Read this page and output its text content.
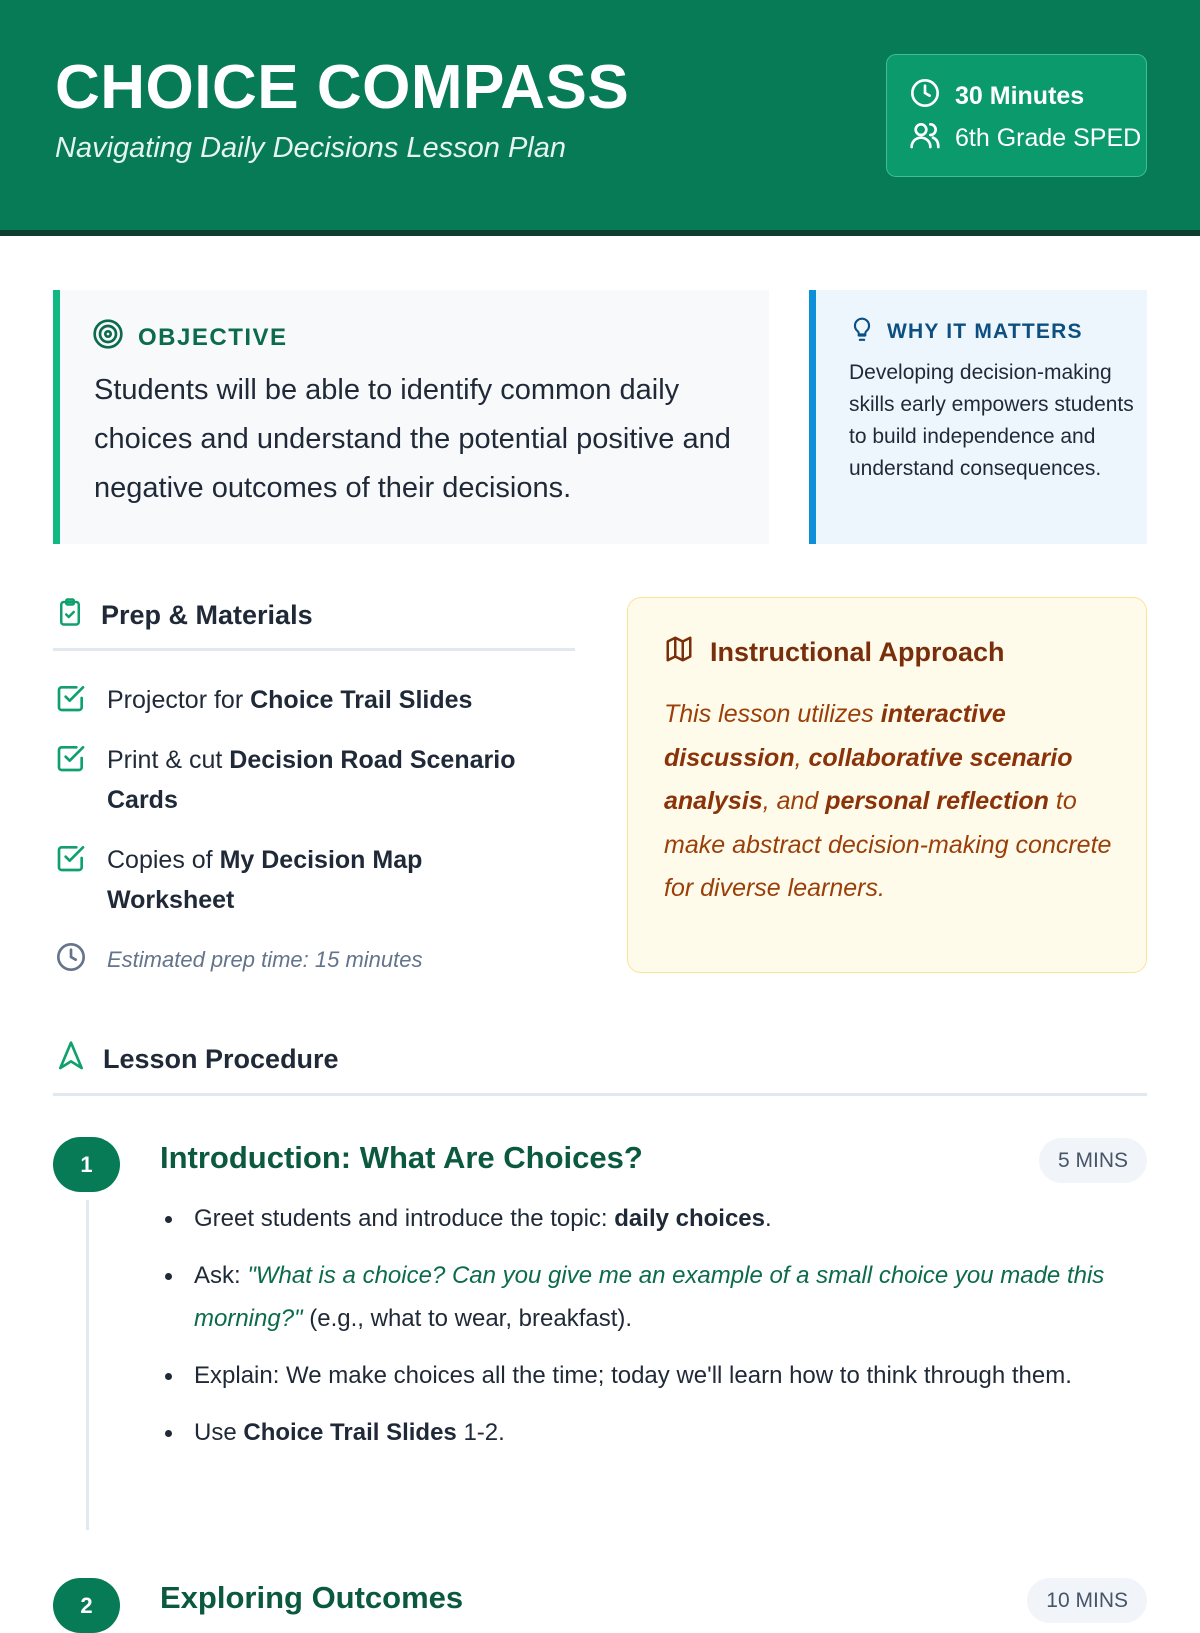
CHOICE COMPASS
Navigating Daily Decisions Lesson Plan
30 Minutes
6th Grade SPED
OBJECTIVE
Students will be able to identify common daily choices and understand the potential positive and negative outcomes of their decisions.
WHY IT MATTERS
Developing decision-making skills early empowers students to build independence and understand consequences.
Prep & Materials
Projector for Choice Trail Slides
Print & cut Decision Road Scenario Cards
Copies of My Decision Map Worksheet
Estimated prep time: 15 minutes
Instructional Approach
This lesson utilizes interactive discussion, collaborative scenario analysis, and personal reflection to make abstract decision-making concrete for diverse learners.
Lesson Procedure
1	Introduction: What Are Choices?	5 MINS
Greet students and introduce the topic: daily choices.
Ask: "What is a choice? Can you give me an example of a small choice you made this morning?" (e.g., what to wear, breakfast).
Explain: We make choices all the time; today we'll learn how to think through them.
Use Choice Trail Slides 1-2.
2	Exploring Outcomes	10 MINS
